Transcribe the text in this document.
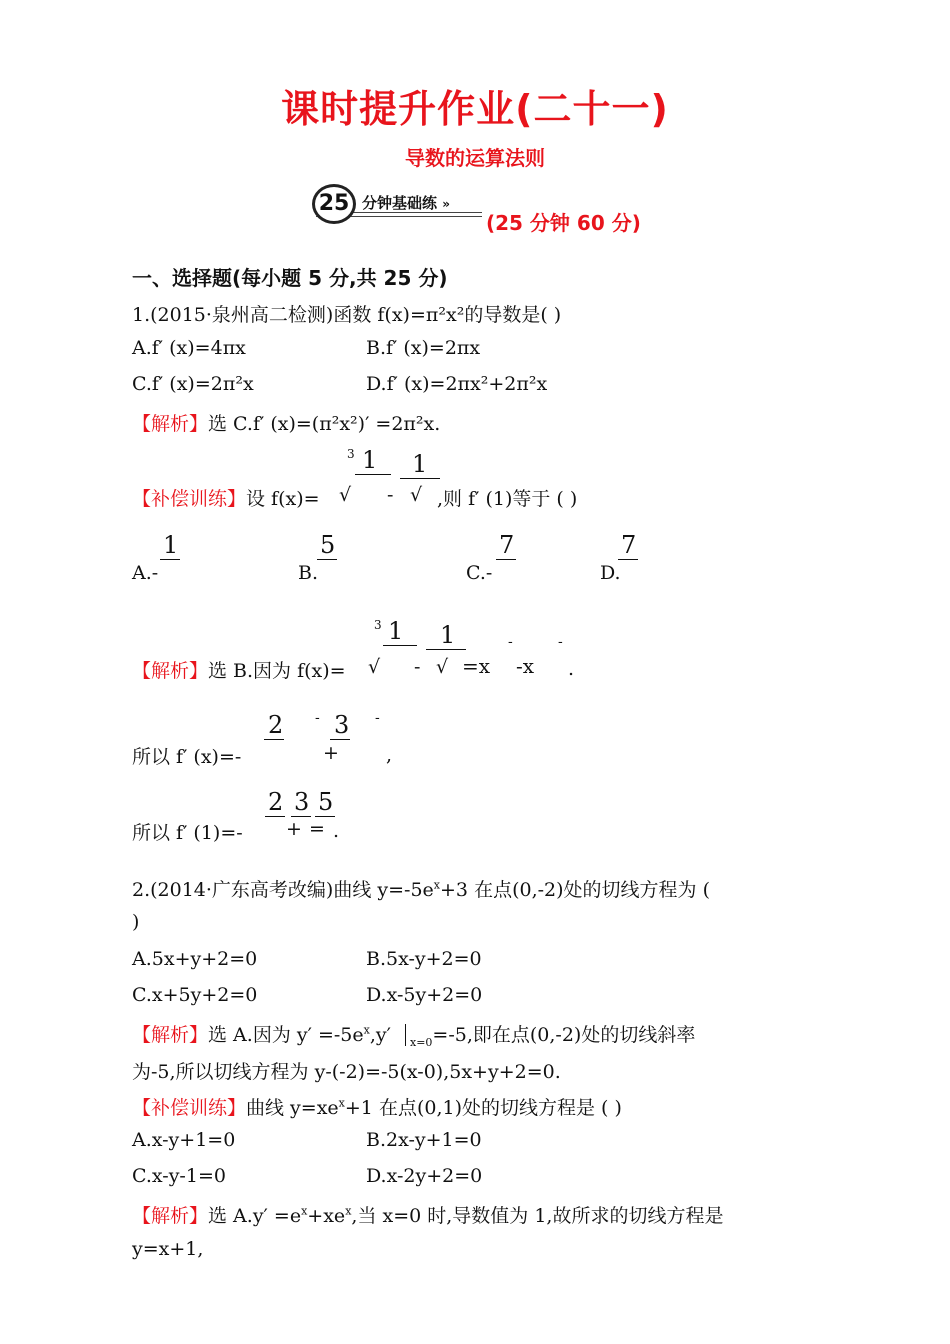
课时提升作业(二十一)
导数的运算法则
25 分钟基础练 »
(25 分钟 60 分)
一、选择题(每小题 5 分,共 25 分)
1.(2015·泉州高二检测)函数 f(x)=π²x²的导数是( )
A.f′ (x)=4πx	B.f′ (x)=2πx
C.f′ (x)=2π²x	D.f′ (x)=2πx²+2π²x
【解析】选 C.f′ (x)=(π²x²)′ =2π²x.
【补偿训练】设 f(x)=
3 1
√ -
1
√ ,则 f′ (1)等于 ( )
A.-
1
B.
5
C.-
7
D.
7
【解析】选 B.因为 f(x)=
3 1
√ -
1
√ =x
-
-x
-
.
所以 f′ (x)=-
2 - 3
+
-
,
所以 f′ (1)=-
2
+
3
=
5
.
2.(2014·广东高考改编)曲线 $y=-5e^x+3$ 在点(0,-2)处的切线方程为 (
)
A.5x+y+2=0	B.5x-y+2=0
C.x+5y+2=0	D.x-5y+2=0
【解析】选 A.因为 $y' =-5e^x,y'$ $_{x=0}$=-5,即在点(0,-2)处的切线斜率
为-5,所以切线方程为 y-(-2)=-5(x-0),5x+y+2=0.
【补偿训练】曲线 $y=xe^x+1$ 在点(0,1)处的切线方程是 ( )
A.x-y+1=0	B.2x-y+1=0
C.x-y-1=0	D.x-2y+2=0
【解析】选 $A.y' =e^x+xe^x$,当 x=0 时,导数值为 1,故所求的切线方程是
y=x+1,
